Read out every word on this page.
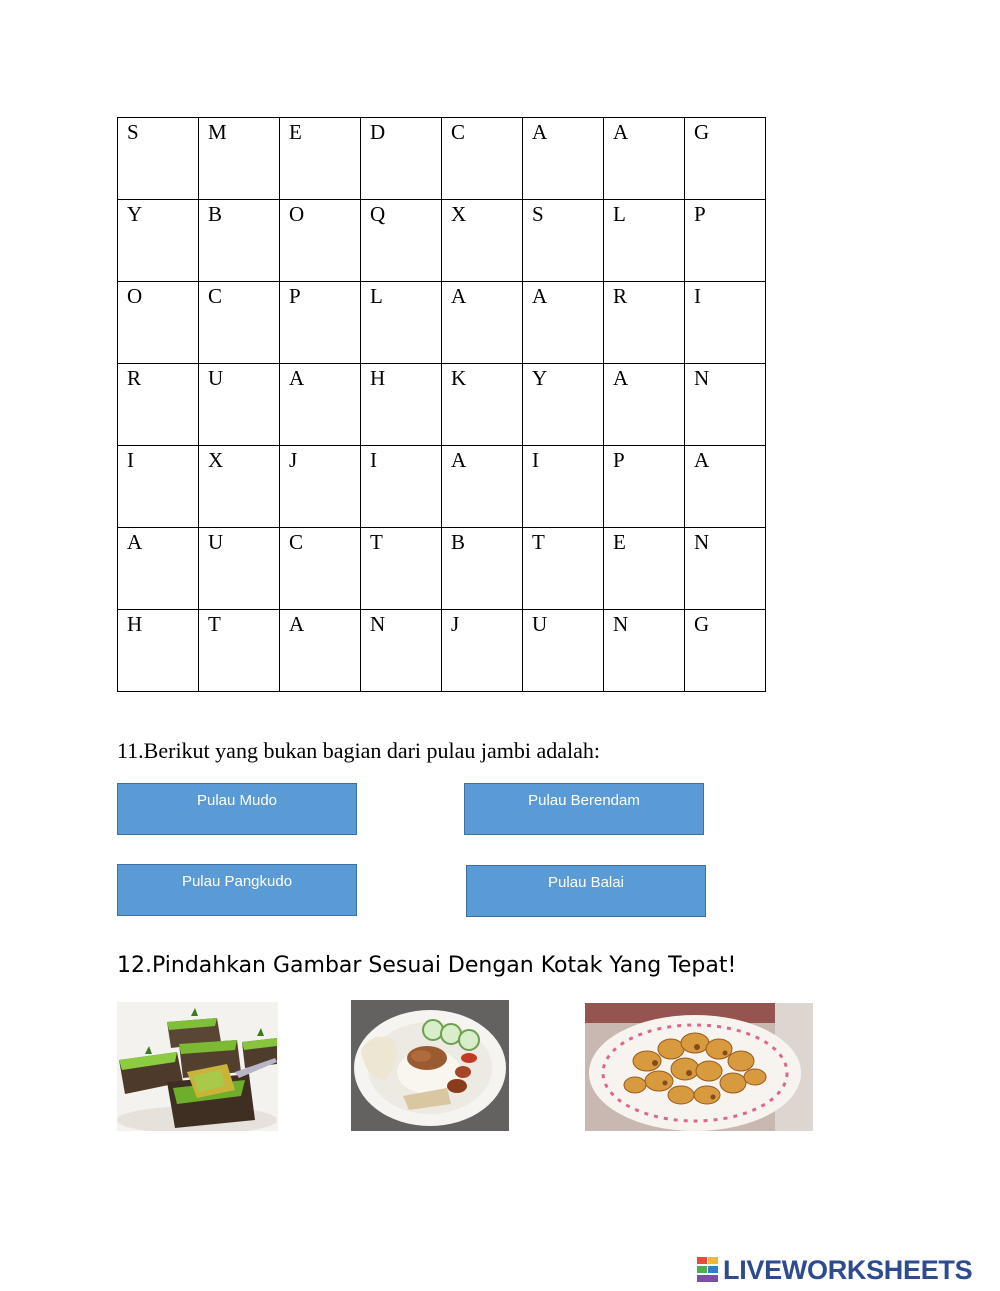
S	M	E	D	C	A	A	G
Y	B	O	Q	X	S	L	P
O	C	P	L	A	A	R	I
R	U	A	H	K	Y	A	N
I	X	J	I	A	I	P	A
A	U	C	T	B	T	E	N
H	T	A	N	J	U	N	G
11.Berikut yang bukan bagian dari pulau jambi adalah:
Pulau Mudo	Pulau Berendam
Pulau Pangkudo	Pulau Balai
12.Pindahkan Gambar Sesuai Dengan Kotak Yang Tepat!
LIVEWORKSHEETS
